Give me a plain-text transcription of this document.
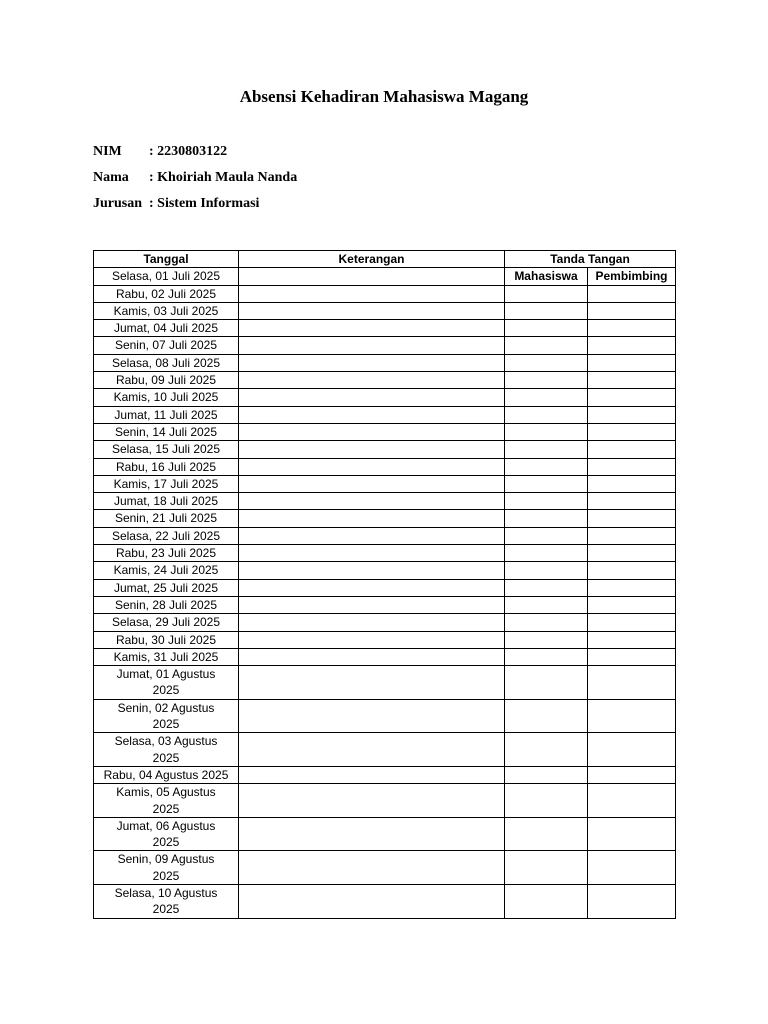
Absensi Kehadiran Mahasiswa Magang
NIM	: 2230803122
Nama	: Khoiriah Maula Nanda
Jurusan : Sistem Informasi
Tanggal	Keterangan	Tanda Tangan	
Selasa, 01 Juli 2025		Mahasiswa	Pembimbing
Rabu, 02 Juli 2025			
Kamis, 03 Juli 2025			
Jumat, 04 Juli 2025			
Senin, 07 Juli 2025			
Selasa, 08 Juli 2025			
Rabu, 09 Juli 2025			
Kamis, 10 Juli 2025			
Jumat, 11 Juli 2025			
Senin, 14 Juli 2025			
Selasa, 15 Juli 2025			
Rabu, 16 Juli 2025			
Kamis, 17 Juli 2025			
Jumat, 18 Juli 2025			
Senin, 21 Juli 2025			
Selasa, 22 Juli 2025			
Rabu, 23 Juli 2025			
Kamis, 24 Juli 2025			
Jumat, 25 Juli 2025			
Senin, 28 Juli 2025			
Selasa, 29 Juli 2025			
Rabu, 30 Juli 2025			
Kamis, 31 Juli 2025			
Jumat, 01 Agustus 2025			
Senin, 02 Agustus 2025			
Selasa, 03 Agustus 2025			
Rabu, 04 Agustus 2025			
Kamis, 05 Agustus 2025			
Jumat, 06 Agustus 2025			
Senin, 09 Agustus 2025			
Selasa, 10 Agustus 2025			
